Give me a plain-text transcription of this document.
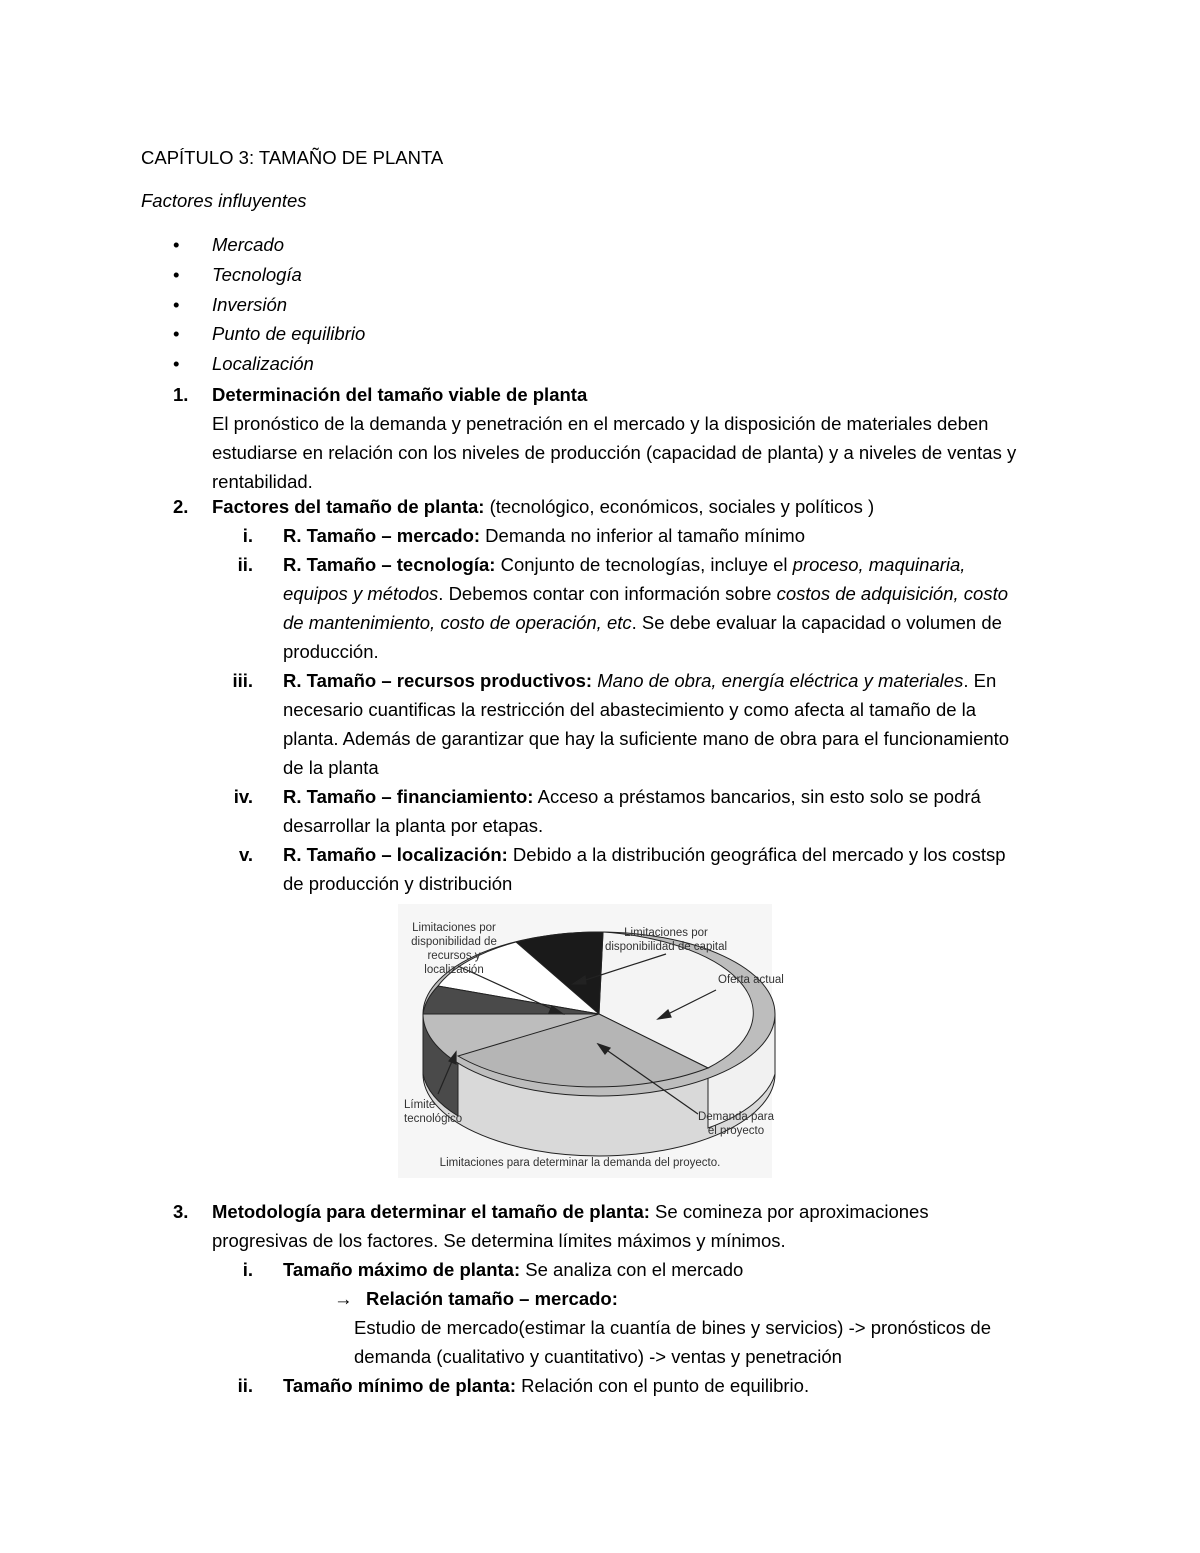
CAPÍTULO 3: TAMAÑO DE PLANTA
Factores influyentes
• Mercado
• Tecnología
• Inversión
• Punto de equilibrio
• Localización
1. Determinación del tamaño viable de planta
El pronóstico de la demanda y penetración en el mercado y la disposición de materiales deben
estudiarse en relación con los niveles de producción (capacidad de planta) y a niveles de ventas y
rentabilidad.
2. Factores del tamaño de planta: (tecnológico, económicos, sociales y políticos )
i. R. Tamaño – mercado: Demanda no inferior al tamaño mínimo
ii. R. Tamaño – tecnología: Conjunto de tecnologías, incluye el proceso, maquinaria,
equipos y métodos. Debemos contar con información sobre costos de adquisición, costo
de mantenimiento, costo de operación, etc. Se debe evaluar la capacidad o volumen de
producción.
iii. R. Tamaño – recursos productivos: Mano de obra, energía eléctrica y materiales. En
necesario cuantificas la restricción del abastecimiento y como afecta al tamaño de la
planta. Además de garantizar que hay la suficiente mano de obra para el funcionamiento
de la planta
iv. R. Tamaño – financiamiento: Acceso a préstamos bancarios, sin esto solo se podrá
desarrollar la planta por etapas.
v. R. Tamaño – localización: Debido a la distribución geográfica del mercado y los costsp
de producción y distribución
Limitaciones por
disponibilidad de
recursos y
localización
Limitaciones por
disponibilidad de capital
Oferta actual
Límite
tecnológico	Demanda para
el proyecto
Limitaciones para determinar la demanda del proyecto.
3. Metodología para determinar el tamaño de planta: Se comineza por aproximaciones
progresivas de los factores. Se determina límites máximos y mínimos.
i. Tamaño máximo de planta: Se analiza con el mercado
→ Relación tamaño – mercado:
Estudio de mercado(estimar la cuantía de bines y servicios) -> pronósticos de
demanda (cualitativo y cuantitativo) -> ventas y penetración
ii. Tamaño mínimo de planta: Relación con el punto de equilibrio.
